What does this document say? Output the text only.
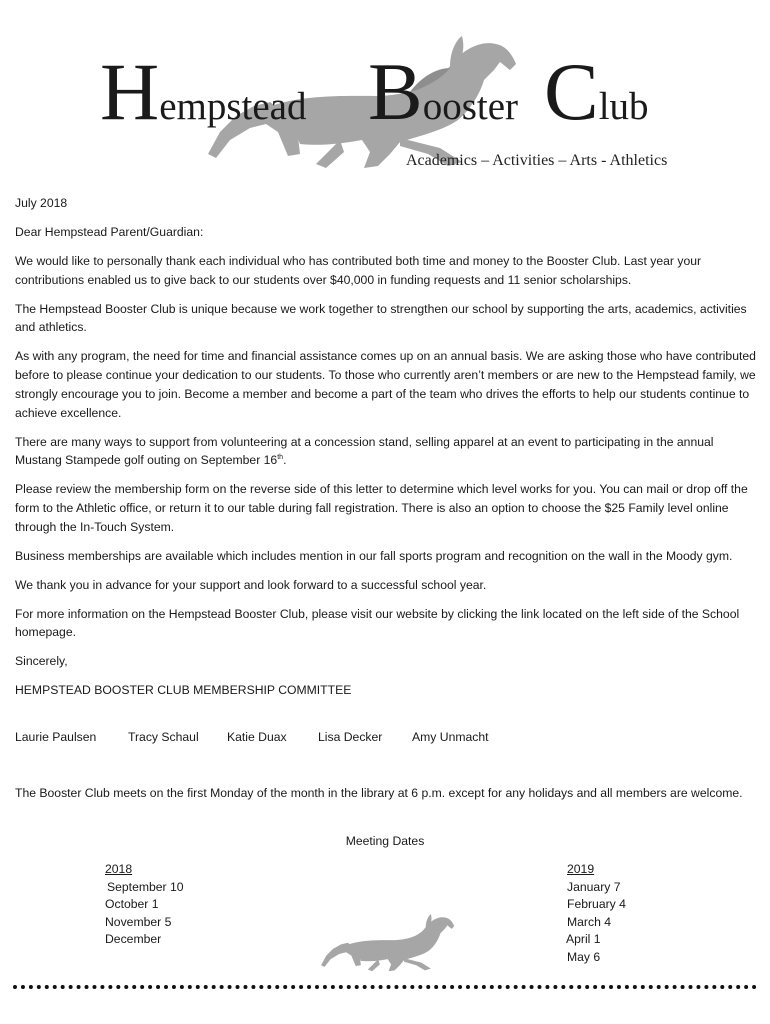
Hempstead Booster Club
Academics – Activities – Arts - Athletics

July 2018

Dear Hempstead Parent/Guardian:

We would like to personally thank each individual who has contributed both time and money to the Booster Club. Last year your contributions enabled us to give back to our students over $40,000 in funding requests and 11 senior scholarships.

The Hempstead Booster Club is unique because we work together to strengthen our school by supporting the arts, academics, activities and athletics.

As with any program, the need for time and financial assistance comes up on an annual basis. We are asking those who have contributed before to please continue your dedication to our students. To those who currently aren’t members or are new to the Hempstead family, we strongly encourage you to join. Become a member and become a part of the team who drives the efforts to help our students continue to achieve excellence.

There are many ways to support from volunteering at a concession stand, selling apparel at an event to participating in the annual Mustang Stampede golf outing on September 16th.

Please review the membership form on the reverse side of this letter to determine which level works for you. You can mail or drop off the form to the Athletic office, or return it to our table during fall registration. There is also an option to choose the $25 Family level online through the In-Touch System.

Business memberships are available which includes mention in our fall sports program and recognition on the wall in the Moody gym.

We thank you in advance for your support and look forward to a successful school year.

For more information on the Hempstead Booster Club, please visit our website by clicking the link located on the left side of the School homepage.

Sincerely,

HEMPSTEAD BOOSTER CLUB MEMBERSHIP COMMITTEE

Laurie Paulsen	Tracy Schaul Katie Duax	Lisa Decker Amy Unmacht

The Booster Club meets on the first Monday of the month in the library at 6 p.m. except for any holidays and all members are welcome.

Meeting Dates
2018
September 10
October 1
November 5
December
2019
January 7
February 4
March 4
April 1
May 6
